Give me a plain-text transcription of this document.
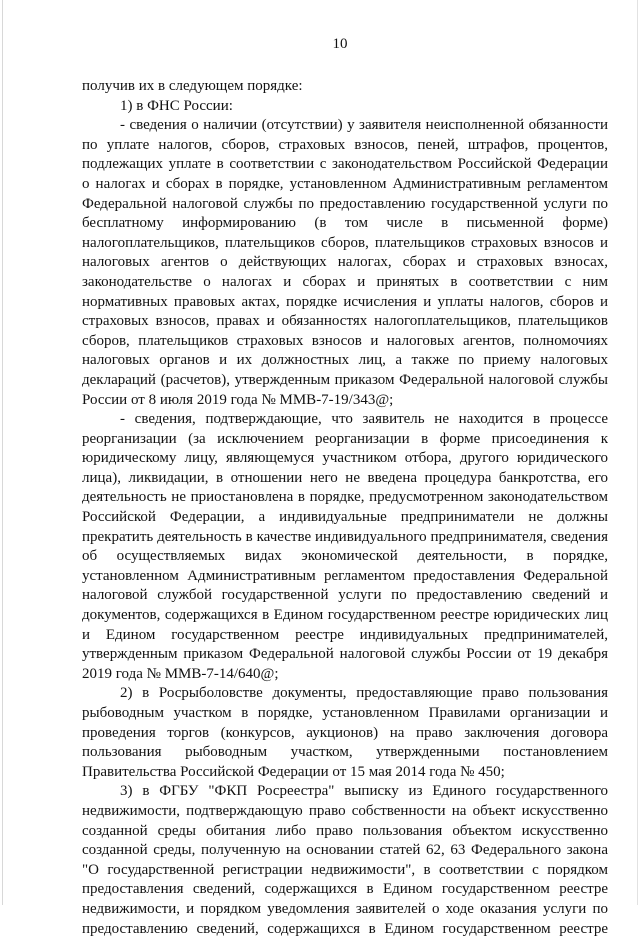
10
получив их в следующем порядке:
1) в ФНС России:
- сведения о наличии (отсутствии) у заявителя неисполненной обязанности
по уплате налогов, сборов, страховых взносов, пеней, штрафов, процентов,
подлежащих уплате в соответствии с законодательством Российской Федерации
о налогах и сборах в порядке, установленном Административным регламентом
Федеральной налоговой службы по предоставлению государственной услуги по
бесплатному информированию (в том числе в письменной форме)
налогоплательщиков, плательщиков сборов, плательщиков страховых взносов и
налоговых агентов о действующих налогах, сборах и страховых взносах,
законодательстве о налогах и сборах и принятых в соответствии с ним
нормативных правовых актах, порядке исчисления и уплаты налогов, сборов и
страховых взносов, правах и обязанностях налогоплательщиков, плательщиков
сборов, плательщиков страховых взносов и налоговых агентов, полномочиях
налоговых органов и их должностных лиц, а также по приему налоговых
деклараций (расчетов), утвержденным приказом Федеральной налоговой службы
России от 8 июля 2019 года № ММВ-7-19/343@;
- сведения, подтверждающие, что заявитель не находится в процессе
реорганизации (за исключением реорганизации в форме присоединения к
юридическому лицу, являющемуся участником отбора, другого юридического
лица), ликвидации, в отношении него не введена процедура банкротства, его
деятельность не приостановлена в порядке, предусмотренном законодательством
Российской Федерации, а индивидуальные предприниматели не должны
прекратить деятельность в качестве индивидуального предпринимателя, сведения
об осуществляемых видах экономической деятельности, в порядке,
установленном Административным регламентом предоставления Федеральной
налоговой службой государственной услуги по предоставлению сведений и
документов, содержащихся в Едином государственном реестре юридических лиц
и Едином государственном реестре индивидуальных предпринимателей,
утвержденным приказом Федеральной налоговой службы России от 19 декабря
2019 года № ММВ-7-14/640@;
2) в Росрыболовстве документы, предоставляющие право пользования
рыбоводным участком в порядке, установленном Правилами организации и
проведения торгов (конкурсов, аукционов) на право заключения договора
пользования рыбоводным участком, утвержденными постановлением
Правительства Российской Федерации от 15 мая 2014 года № 450;
3) в ФГБУ "ФКП Росреестра" выписку из Единого государственного
недвижимости, подтверждающую право собственности на объект искусственно
созданной среды обитания либо право пользования объектом искусственно
созданной среды, полученную на основании статей 62, 63 Федерального закона
"О государственной регистрации недвижимости", в соответствии с порядком
предоставления сведений, содержащихся в Едином государственном реестре
недвижимости, и порядком уведомления заявителей о ходе оказания услуги по
предоставлению сведений, содержащихся в Едином государственном реестре
